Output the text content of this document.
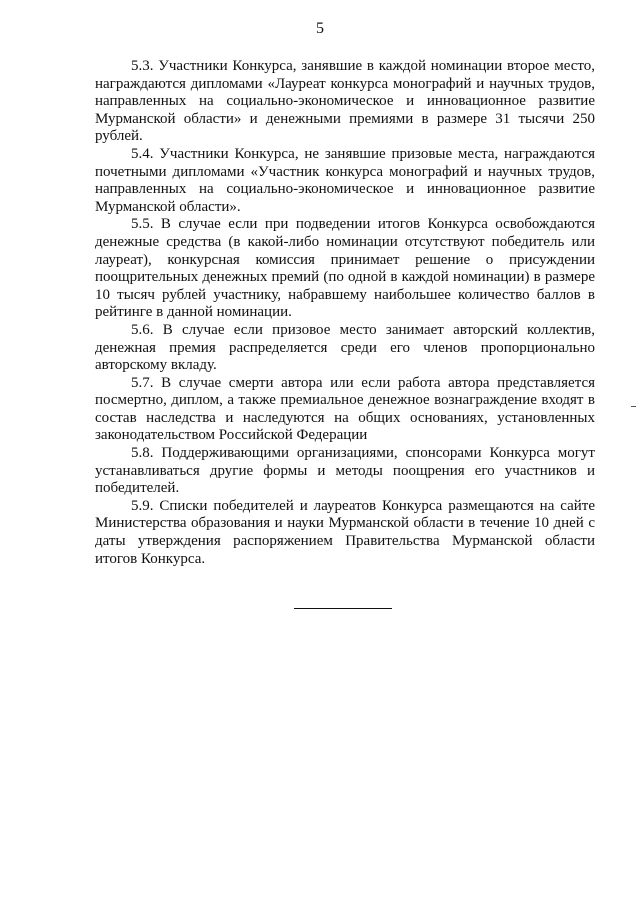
5

5.3. Участники Конкурса, занявшие в каждой номинации второе место, награждаются дипломами «Лауреат конкурса монографий и научных трудов, направленных на социально-экономическое и инновационное развитие Мурманской области» и денежными премиями в размере 31 тысячи 250 рублей.

5.4. Участники Конкурса, не занявшие призовые места, награждаются почетными дипломами «Участник конкурса монографий и научных трудов, направленных на социально-экономическое и инновационное развитие Мурманской области».

5.5. В случае если при подведении итогов Конкурса освобождаются денежные средства (в какой-либо номинации отсутствуют победитель или лауреат), конкурсная комиссия принимает решение о присуждении поощрительных денежных премий (по одной в каждой номинации) в размере 10 тысяч рублей участнику, набравшему наибольшее количество баллов в рейтинге в данной номинации.

5.6. В случае если призовое место занимает авторский коллектив, денежная премия распределяется среди его членов пропорционально авторскому вкладу.

5.7. В случае смерти автора или если работа автора представляется посмертно, диплом, а также премиальное денежное вознаграждение входят в состав наследства и наследуются на общих основаниях, установленных законодательством Российской Федерации

5.8. Поддерживающими организациями, спонсорами Конкурса могут устанавливаться другие формы и методы поощрения его участников и победителей.

5.9. Списки победителей и лауреатов Конкурса размещаются на сайте Министерства образования и науки Мурманской области в течение 10 дней с даты утверждения распоряжением Правительства Мурманской области итогов Конкурса.
